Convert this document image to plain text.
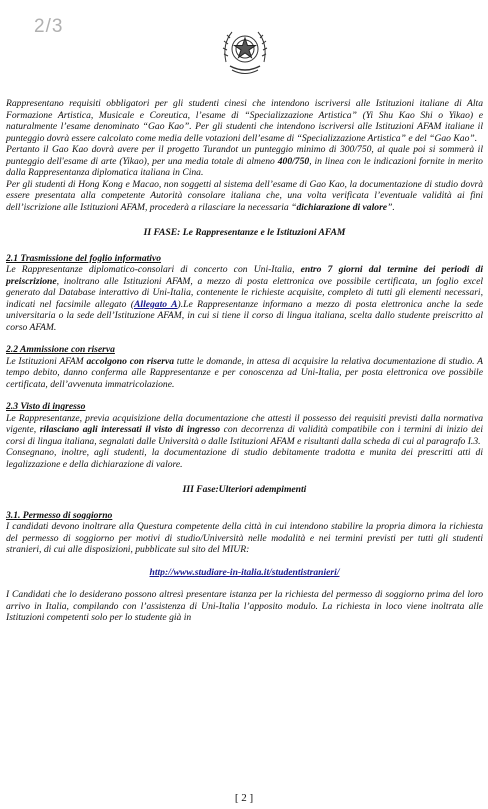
2/3

Rappresentano requisiti obbligatori per gli studenti cinesi che intendono iscriversi alle Istituzioni italiane di Alta Formazione Artistica, Musicale e Coreutica, l’esame di “Specializzazione Artistica” (Yi Shu Kao Shi o Yikao) e naturalmente l’esame denominato “Gao Kao”. Per gli studenti che intendono iscriversi alle Istituzioni AFAM italiane il punteggio dovrà essere calcolato come media delle votazioni dell’esame di “Specializzazione Artistica” e del “Gao Kao”.
Pertanto il Gao Kao dovrà avere per il progetto Turandot un punteggio minimo di 300/750, al quale poi si sommerà il punteggio dell'esame di arte (Yikao), per una media totale di almeno 400/750, in linea con le indicazioni fornite in merito dalla Rappresentanza diplomatica italiana in Cina.
Per gli studenti di Hong Kong e Macao, non soggetti al sistema dell’esame di Gao Kao, la documentazione di studio dovrà essere presentata alla competente Autorità consolare italiana che, una volta verificata l’eventuale validità ai fini dell’iscrizione alle Istituzioni AFAM, procederà a rilasciare la necessaria “dichiarazione di valore”.

II FASE: Le Rappresentanze e le Istituzioni AFAM

2.1 Trasmissione del foglio informativo

Le Rappresentanze diplomatico-consolari di concerto con Uni-Italia, entro 7 giorni dal termine dei periodi di preiscrizione, inoltrano alle Istituzioni AFAM, a mezzo di posta elettronica ove possibile certificata, un foglio excel generato dal Database interattivo di Uni-Italia, contenente le richieste acquisite, completo di tutti gli elementi necessari, indicati nel facsimile allegato (Allegato A).Le Rappresentanze informano a mezzo di posta elettronica anche la sede universitaria o la sede dell’Istituzione AFAM, in cui si tiene il corso di lingua italiana, scelta dallo studente preiscritto al corso AFAM.

2.2 Ammissione con riserva

Le Istituzioni AFAM accolgono con riserva tutte le domande, in attesa di acquisire la relativa documentazione di studio. A tempo debito, danno conferma alle Rappresentanze e per conoscenza ad Uni-Italia, per posta elettronica ove possibile certificata, dell’avvenuta immatricolazione.

2.3 Visto di ingresso

Le Rappresentanze, previa acquisizione della documentazione che attesti il possesso dei requisiti previsti dalla normativa vigente, rilasciano agli interessati il visto di ingresso con decorrenza di validità compatibile con i termini di inizio dei corsi di lingua italiana, segnalati dalle Università o dalle Istituzioni AFAM e risultanti dalla scheda di cui al paragrafo I.3.
Consegnano, inoltre, agli studenti, la documentazione di studio debitamente tradotta e munita dei prescritti atti di legalizzazione e della dichiarazione di valore.

III Fase:Ulteriori adempimenti

3.1. Permesso di soggiorno

I candidati devono inoltrare alla Questura competente della città in cui intendono stabilire la propria dimora la richiesta del permesso di soggiorno per motivi di studio/Università nelle modalità e nei termini previsti per tutti gli studenti stranieri, di cui alle disposizioni, pubblicate sul sito del MIUR:

http://www.studiare-in-italia.it/studentistranieri/

I Candidati che lo desiderano possono altresì presentare istanza per la richiesta del permesso di soggiorno prima del loro arrivo in Italia, compilando con l’assistenza di Uni-Italia l’apposito modulo. La richiesta in loco viene inoltrata alle Istituzioni competenti solo per lo studente già in

[ 2 ]
